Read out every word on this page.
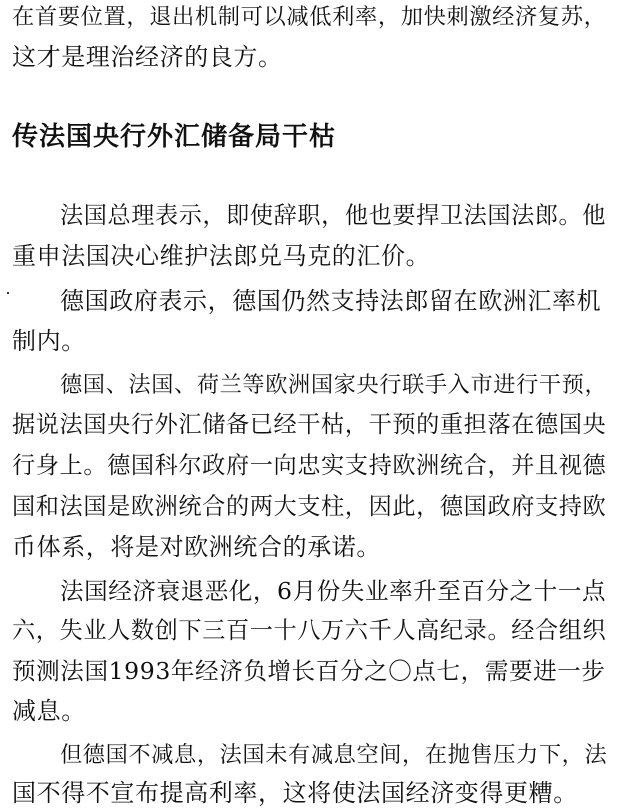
在首要位置，退出机制可以减低利率，加快刺激经济复苏，
这才是理治经济的良方。
传法国央行外汇储备局干枯
法国总理表示，即使辞职，他也要捍卫法国法郎。他
重申法国决心维护法郎兑马克的汇价。
德国政府表示，德国仍然支持法郎留在欧洲汇率机
制内。
德国、法国、荷兰等欧洲国家央行联手入市进行干预，
据说法国央行外汇储备已经干枯，干预的重担落在德国央
行身上。德国科尔政府一向忠实支持欧洲统合，并且视德
国和法国是欧洲统合的两大支柱，因此，德国政府支持欧
币体系，将是对欧洲统合的承诺。
法国经济衰退恶化，6月份失业率升至百分之十一点
六，失业人数创下三百一十八万六千人高纪录。经合组织
预测法国1993年经济负增长百分之〇点七，需要进一步
减息。
但德国不减息，法国未有减息空间，在抛售压力下，法
国不得不宣布提高利率，这将使法国经济变得更糟。
